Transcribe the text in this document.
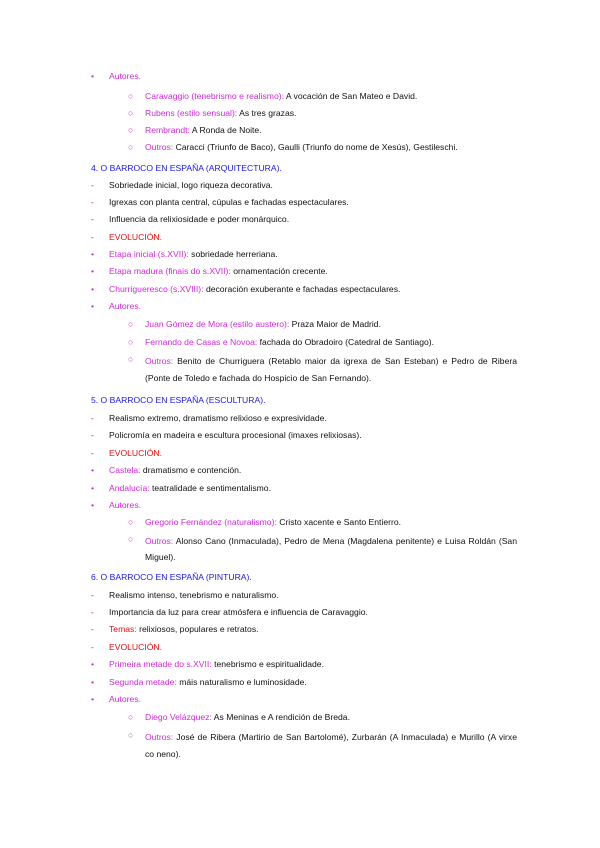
•	Autores.
○	Caravaggio (tenebrismo e realismo): A vocación de San Mateo e David.
○	Rubens (estilo sensual): As tres grazas.
○	Rembrandt: A Ronda de Noite.
○	Outros: Caracci (Triunfo de Baco), Gaulli (Triunfo do nome de Xesús), Gestileschi.
4. O BARROCO EN ESPAÑA (ARQUITECTURA).
-	Sobriedade inicial, logo riqueza decorativa.
-	Igrexas con planta central, cúpulas e fachadas espectaculares.
-	Influencia da relixiosidade e poder monárquico.
-	EVOLUCIÓN.
•	Etapa inicial (s.XVII): sobriedade herreriana.
•	Etapa madura (finais do s.XVII): ornamentación crecente.
•	Churrigueresco (s.XVIII): decoración exuberante e fachadas espectaculares.
•	Autores.
○	Juan Gómez de Mora (estilo austero): Praza Maior de Madrid.
○	Fernando de Casas e Novoa: fachada do Obradoiro (Catedral de Santiago).
○	Outros: Benito de Churriguera (Retablo maior da igrexa de San Esteban) e Pedro de Ribera (Ponte de Toledo e fachada do Hospicio de San Fernando).
5. O BARROCO EN ESPAÑA (ESCULTURA).
-	Realismo extremo, dramatismo relixioso e expresividade.
-	Policromía en madeira e escultura procesional (imaxes relixiosas).
-	EVOLUCIÓN.
•	Castela: dramatismo e contención.
•	Andalucía: teatralidade e sentimentalismo.
•	Autores.
○	Gregorio Fernández (naturalismo): Cristo xacente e Santo Entierro.
○	Outros: Alonso Cano (Inmaculada), Pedro de Mena (Magdalena penitente) e Luisa Roldán (San Miguel).
6. O BARROCO EN ESPAÑA (PINTURA).
-	Realismo intenso, tenebrismo e naturalismo.
-	Importancia da luz para crear atmósfera e influencia de Caravaggio.
-	Temas: relixiosos, populares e retratos.
-	EVOLUCIÓN.
•	Primeira metade do s.XVII: tenebrismo e espiritualidade.
•	Segunda metade: máis naturalismo e luminosidade.
•	Autores.
○	Diego Velázquez: As Meninas e A rendición de Breda.
○	Outros: José de Ribera (Martirio de San Bartolomé), Zurbarán (A Inmaculada) e Murillo (A virxe co neno).
